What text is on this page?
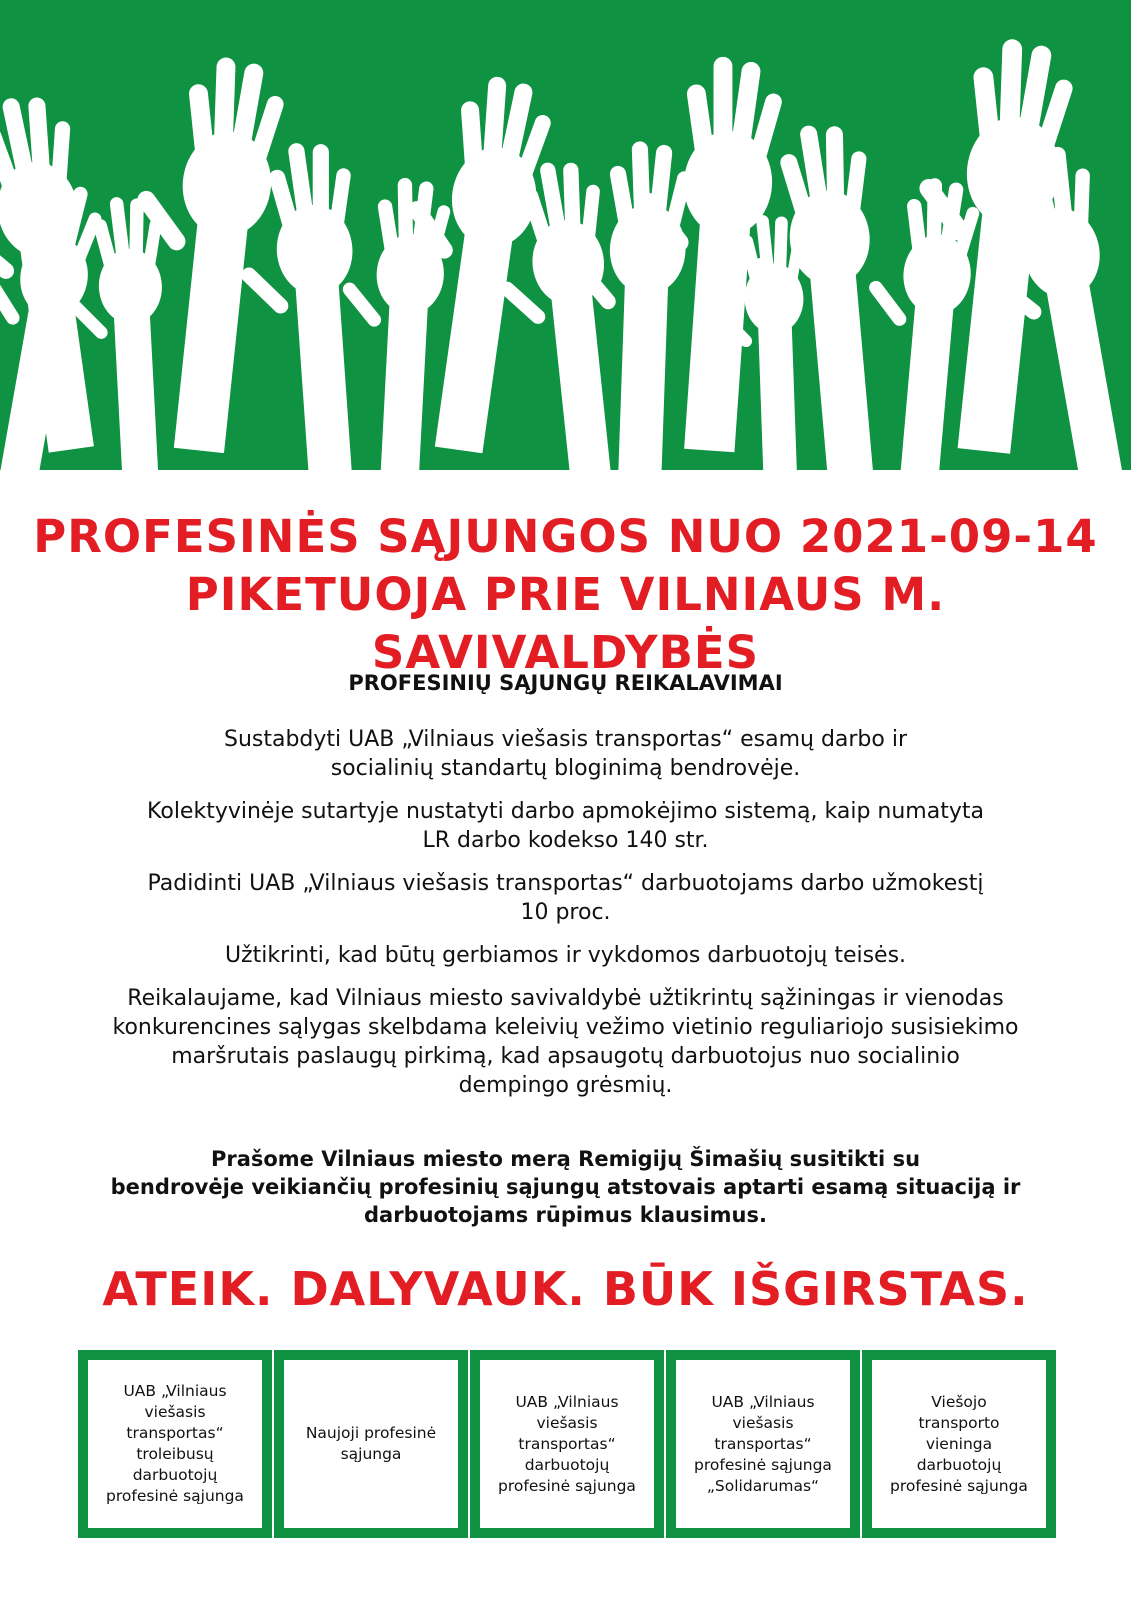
PROFESINĖS SĄJUNGOS NUO 2021-09-14
PIKETUOJA PRIE VILNIAUS M. SAVIVALDYBĖS
PROFESINIŲ SĄJUNGŲ REIKALAVIMAI

Sustabdyti UAB „Vilniaus viešasis transportas“ esamų darbo ir
socialinių standartų bloginimą bendrovėje.

Kolektyvinėje sutartyje nustatyti darbo apmokėjimo sistemą, kaip numatyta
LR darbo kodekso 140 str.

Padidinti UAB „Vilniaus viešasis transportas“ darbuotojams darbo užmokestį
10 proc.

Užtikrinti, kad būtų gerbiamos ir vykdomos darbuotojų teisės.

Reikalaujame, kad Vilniaus miesto savivaldybė užtikrintų sąžiningas ir vienodas
konkurencines sąlygas skelbdama keleivių vežimo vietinio reguliariojo susisiekimo
maršrutais paslaugų pirkimą, kad apsaugotų darbuotojus nuo socialinio
dempingo grėsmių.

Prašome Vilniaus miesto merą Remigijų Šimašių susitikti su
bendrovėje veikiančių profesinių sąjungų atstovais aptarti esamą situaciją ir
darbuotojams rūpimus klausimus.
ATEIK. DALYVAUK. BŪK IŠGIRSTAS.
UAB „Vilniaus
viešasis
transportas“
troleibusų
darbuotojų
profesinė sąjunga
Naujoji profesinė
sąjunga
UAB „Vilniaus
viešasis
transportas“
darbuotojų
profesinė sąjunga
UAB „Vilniaus
viešasis
transportas“
profesinė sąjunga
„Solidarumas“
Viešojo
transporto
vieninga
darbuotojų
profesinė sąjunga
